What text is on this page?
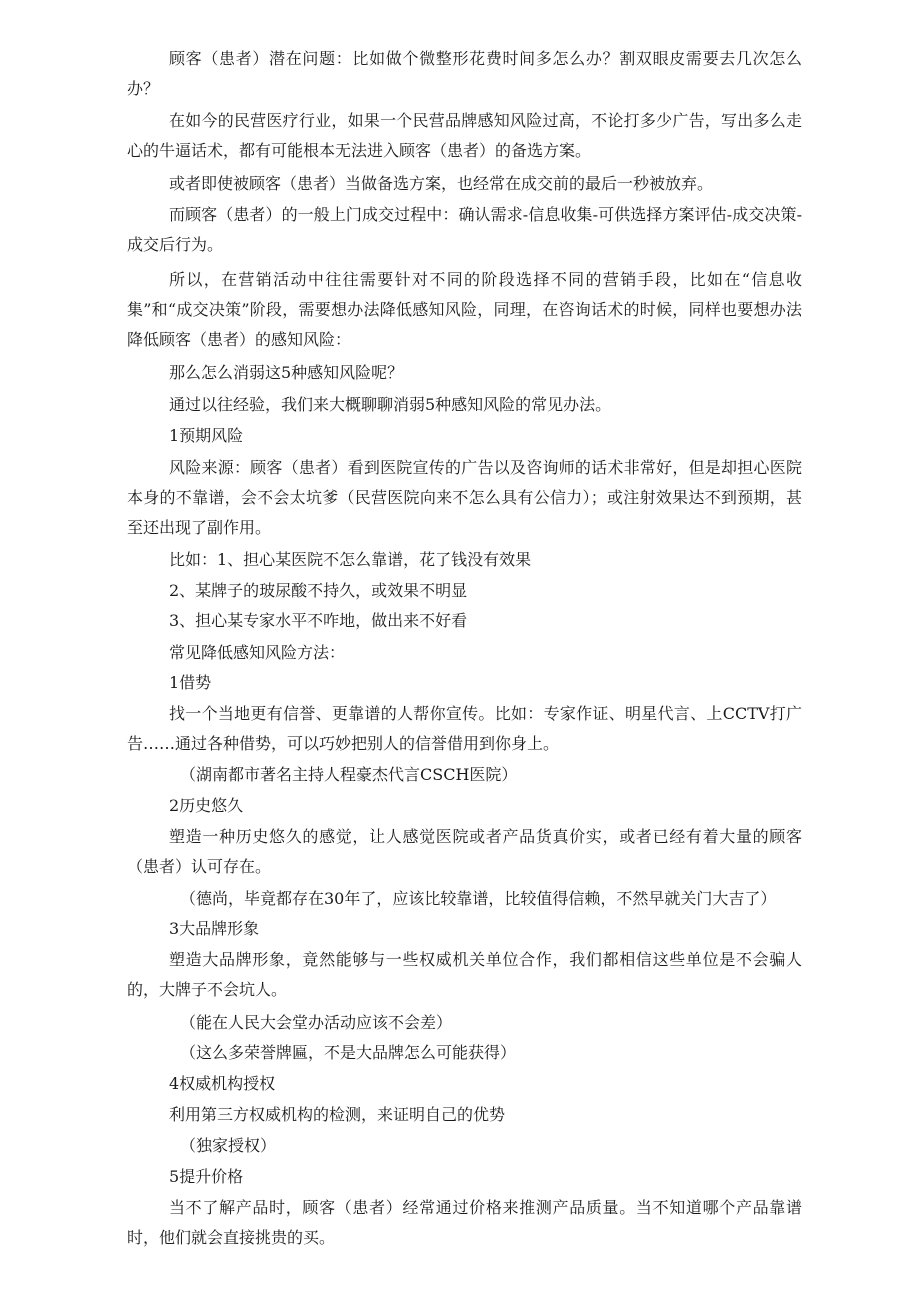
顾客（患者）潜在问题：比如做个微整形花费时间多怎么办？割双眼皮需要去几次怎么办？

在如今的民营医疗行业，如果一个民营品牌感知风险过高，不论打多少广告，写出多么走心的牛逼话术，都有可能根本无法进入顾客（患者）的备选方案。

或者即使被顾客（患者）当做备选方案，也经常在成交前的最后一秒被放弃。

而顾客（患者）的一般上门成交过程中：确认需求-信息收集-可供选择方案评估-成交决策-成交后行为。

所以，在营销活动中往往需要针对不同的阶段选择不同的营销手段，比如在“信息收集”和“成交决策”阶段，需要想办法降低感知风险，同理，在咨询话术的时候，同样也要想办法降低顾客（患者）的感知风险：

那么怎么消弱这5种感知风险呢？

通过以往经验，我们来大概聊聊消弱5种感知风险的常见办法。

1预期风险

风险来源：顾客（患者）看到医院宣传的广告以及咨询师的话术非常好，但是却担心医院本身的不靠谱，会不会太坑爹（民营医院向来不怎么具有公信力）；或注射效果达不到预期，甚至还出现了副作用。

比如：1、担心某医院不怎么靠谱，花了钱没有效果

2、某牌子的玻尿酸不持久，或效果不明显

3、担心某专家水平不咋地，做出来不好看

常见降低感知风险方法：

1借势

找一个当地更有信誉、更靠谱的人帮你宣传。比如：专家作证、明星代言、上CCTV打广告……通过各种借势，可以巧妙把别人的信誉借用到你身上。

（湖南都市著名主持人程豪杰代言CSCH医院）

2历史悠久

塑造一种历史悠久的感觉，让人感觉医院或者产品货真价实，或者已经有着大量的顾客（患者）认可存在。

（德尚，毕竟都存在30年了，应该比较靠谱，比较值得信赖，不然早就关门大吉了）

3大品牌形象

塑造大品牌形象，竟然能够与一些权威机关单位合作，我们都相信这些单位是不会骗人的，大牌子不会坑人。

（能在人民大会堂办活动应该不会差）

（这么多荣誉牌匾，不是大品牌怎么可能获得）

4权威机构授权

利用第三方权威机构的检测，来证明自己的优势

（独家授权）

5提升价格

当不了解产品时，顾客（患者）经常通过价格来推测产品质量。当不知道哪个产品靠谱时，他们就会直接挑贵的买。
